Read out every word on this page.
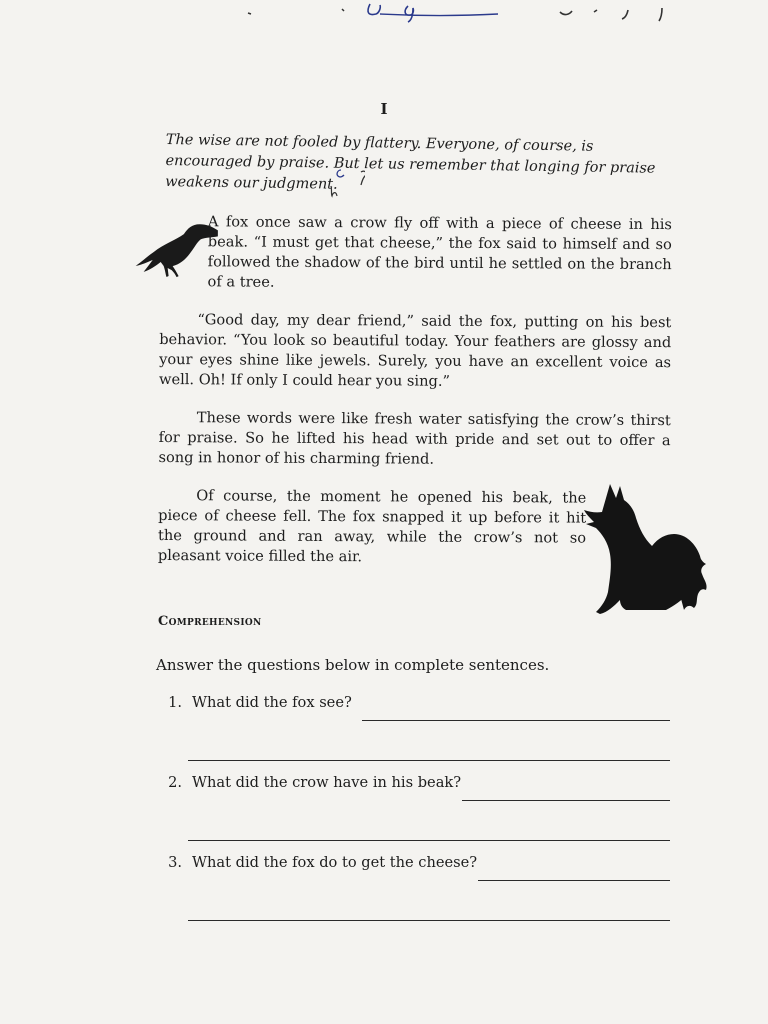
I

The wise are not fooled by flattery. Everyone, of course, is encouraged by praise. But let us remember that longing for praise weakens our judgment.

A fox once saw a crow fly off with a piece of cheese in his beak. “I must get that cheese,” the fox said to himself and so followed the shadow of the bird until he settled on the branch of a tree.

“Good day, my dear friend,” said the fox, putting on his best behavior. “You look so beautiful today. Your feathers are glossy and your eyes shine like jewels. Surely, you have an excellent voice as well. Oh! If only I could hear you sing.”

These words were like fresh water satisfying the crow’s thirst for praise. So he lifted his head with pride and set out to offer a song in honor of his charming friend.

Of course, the moment he opened his beak, the piece of cheese fell. The fox snapped it up before it hit the ground and ran away, while the crow’s not so pleasant voice filled the air.

Comprehension
Answer the questions below in complete sentences.
1. What did the fox see?
2. What did the crow have in his beak?
3. What did the fox do to get the cheese?
